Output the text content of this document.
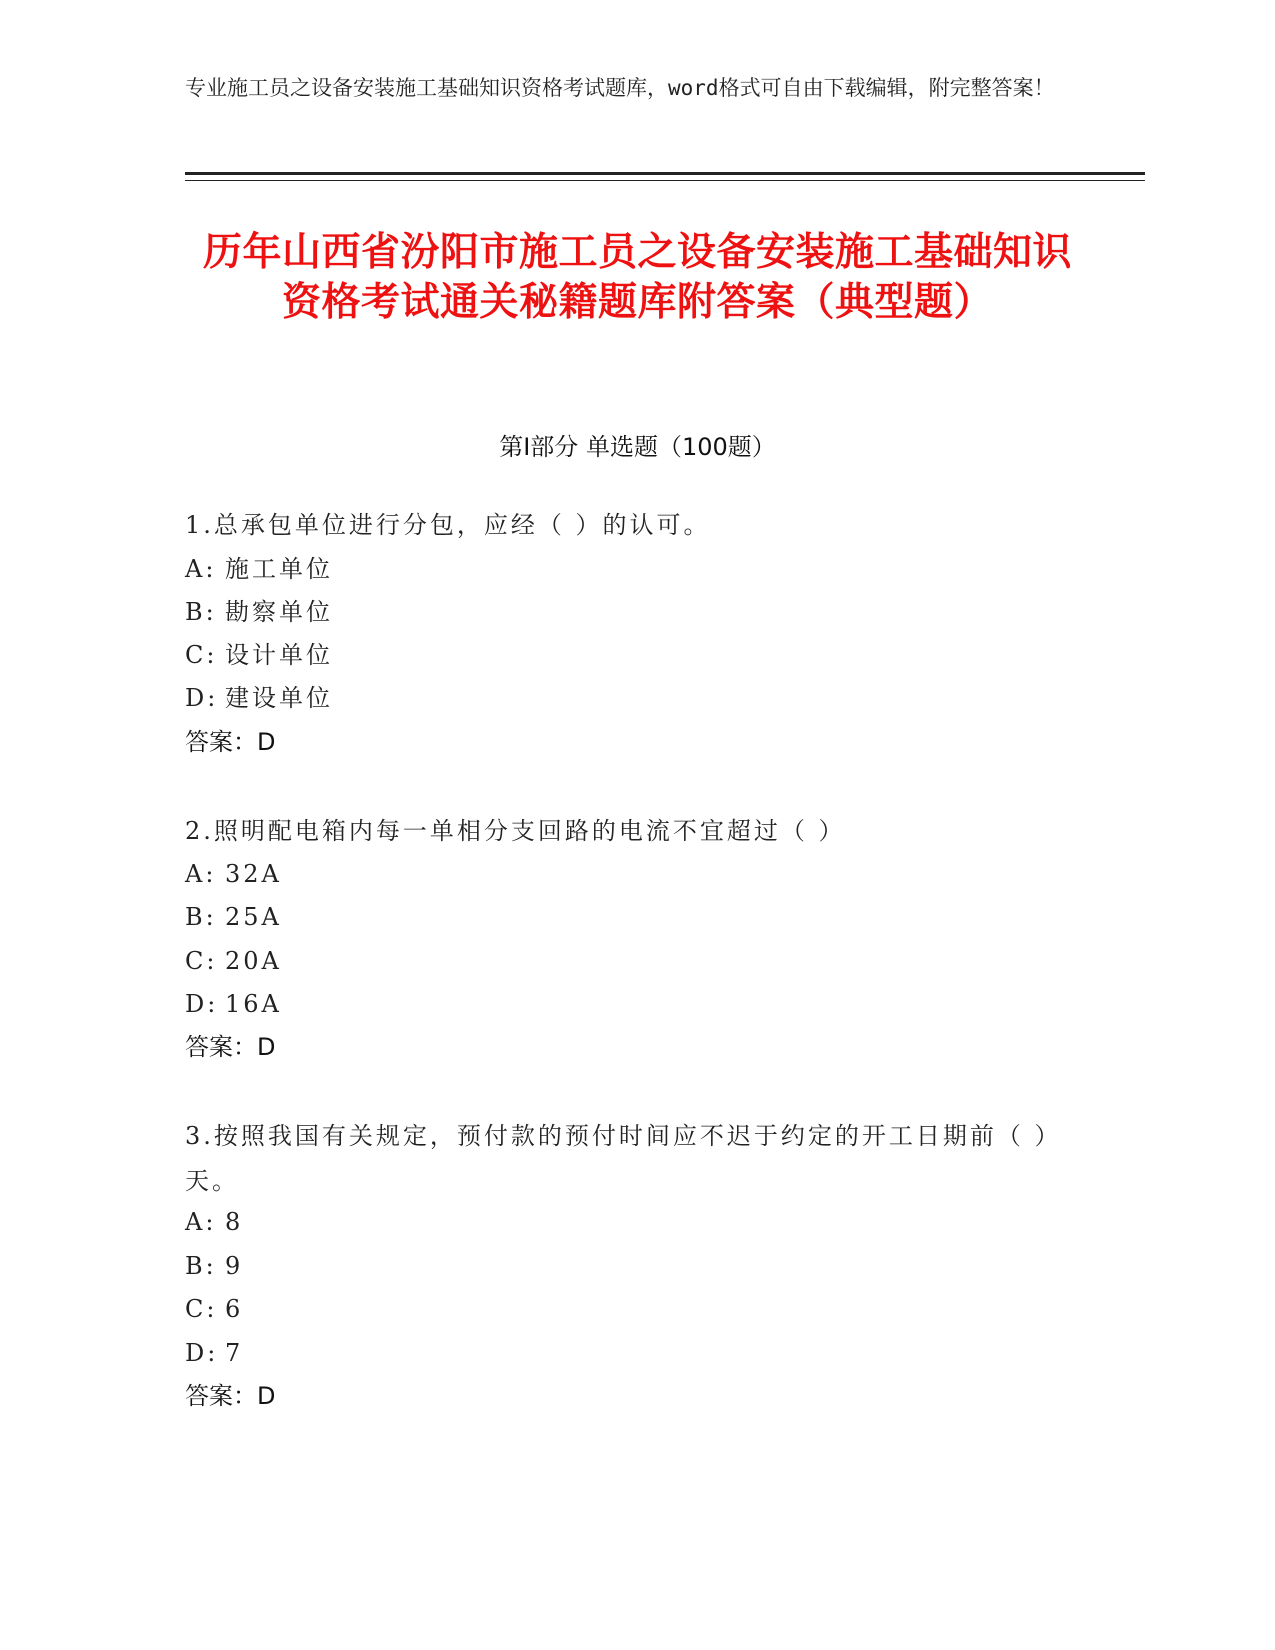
专业施工员之设备安装施工基础知识资格考试题库，word格式可自由下载编辑，附完整答案！
历年山西省汾阳市施工员之设备安装施工基础知识资格考试通关秘籍题库附答案（典型题）
第Ⅰ部分 单选题（100题）
1.总承包单位进行分包，应经（ ）的认可。
A: 施工单位
B: 勘察单位
C: 设计单位
D: 建设单位
答案：D
2.照明配电箱内每一单相分支回路的电流不宜超过（ ）
A: 32A
B: 25A
C: 20A
D: 16A
答案：D
3.按照我国有关规定，预付款的预付时间应不迟于约定的开工日期前（ ）天。
A: 8
B: 9
C: 6
D: 7
答案：D
